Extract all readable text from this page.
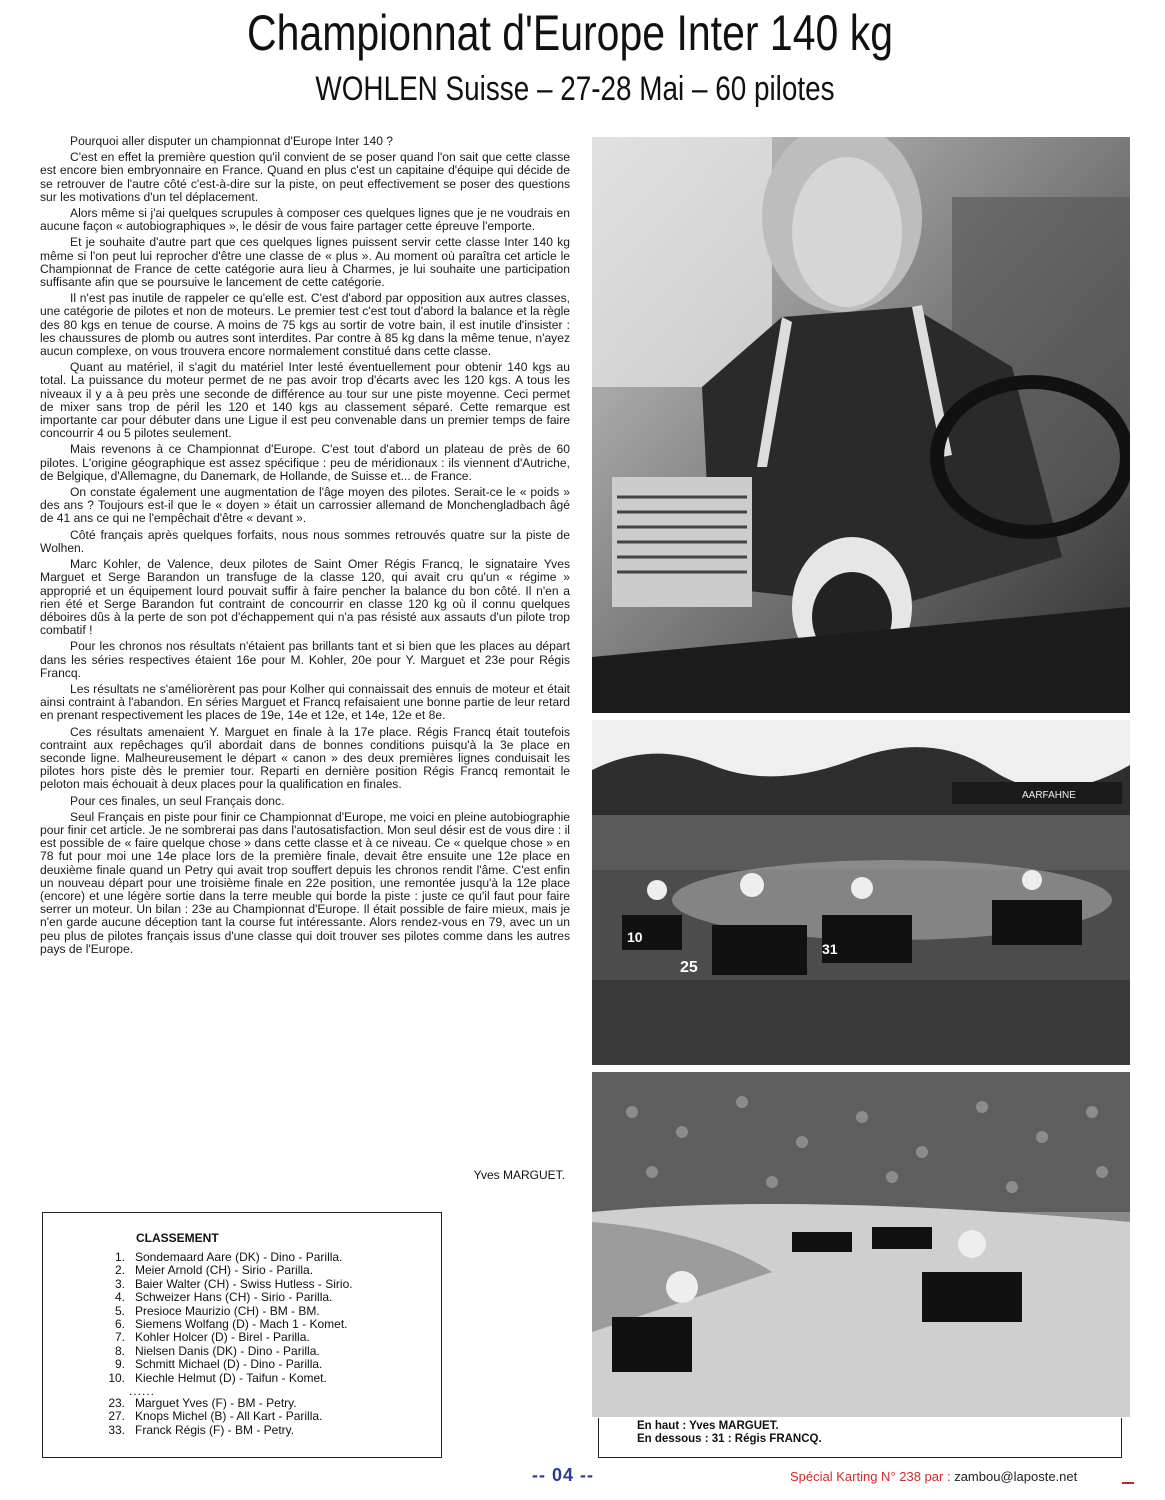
Championnat d'Europe Inter 140 kg
WOHLEN Suisse – 27-28 Mai – 60 pilotes

Pourquoi aller disputer un championnat d'Europe Inter 140 ?

C'est en effet la première question qu'il convient de se poser quand l'on sait que cette classe est encore bien embryonnaire en France. Quand en plus c'est un capitaine d'équipe qui décide de se retrouver de l'autre côté c'est-à-dire sur la piste, on peut effectivement se poser des questions sur les motivations d'un tel déplacement.

Alors même si j'ai quelques scrupules à composer ces quelques lignes que je ne voudrais en aucune façon « autobiographiques », le désir de vous faire partager cette épreuve l'emporte.

Et je souhaite d'autre part que ces quelques lignes puissent servir cette classe Inter 140 kg même si l'on peut lui reprocher d'être une classe de « plus ». Au moment où paraîtra cet article le Championnat de France de cette catégorie aura lieu à Charmes, je lui souhaite une participation suffisante afin que se poursuive le lancement de cette catégorie.

Il n'est pas inutile de rappeler ce qu'elle est. C'est d'abord par opposition aux autres classes, une catégorie de pilotes et non de moteurs. Le premier test c'est tout d'abord la balance et la règle des 80 kgs en tenue de course. A moins de 75 kgs au sortir de votre bain, il est inutile d'insister : les chaussures de plomb ou autres sont interdites. Par contre à 85 kg dans la même tenue, n'ayez aucun complexe, on vous trouvera encore normalement constitué dans cette classe.

Quant au matériel, il s'agit du matériel Inter lesté éventuellement pour obtenir 140 kgs au total. La puissance du moteur permet de ne pas avoir trop d'écarts avec les 120 kgs. A tous les niveaux il y a à peu près une seconde de différence au tour sur une piste moyenne. Ceci permet de mixer sans trop de péril les 120 et 140 kgs au classement séparé. Cette remarque est importante car pour débuter dans une Ligue il est peu convenable dans un premier temps de faire concourrir 4 ou 5 pilotes seulement.

Mais revenons à ce Championnat d'Europe. C'est tout d'abord un plateau de près de 60 pilotes. L'origine géographique est assez spécifique : peu de méridionaux : ils viennent d'Autriche, de Belgique, d'Allemagne, du Danemark, de Hollande, de Suisse et... de France.

On constate également une augmentation de l'âge moyen des pilotes. Serait-ce le « poids » des ans ? Toujours est-il que le « doyen » était un carrossier allemand de Monchengladbach âgé de 41 ans ce qui ne l'empêchait d'être « devant ».

Côté français après quelques forfaits, nous nous sommes retrouvés quatre sur la piste de Wolhen.

Marc Kohler, de Valence, deux pilotes de Saint Omer Régis Francq, le signataire Yves Marguet et Serge Barandon un transfuge de la classe 120, qui avait cru qu'un « régime » approprié et un équipement lourd pouvait suffir à faire pencher la balance du bon côté. Il n'en a rien été et Serge Barandon fut contraint de concourrir en classe 120 kg où il connu quelques déboires dûs à la perte de son pot d'échappement qui n'a pas résisté aux assauts d'un pilote trop combatif !

Pour les chronos nos résultats n'étaient pas brillants tant et si bien que les places au départ dans les séries respectives étaient 16e pour M. Kohler, 20e pour Y. Marguet et 23e pour Régis Francq.

Les résultats ne s'améliorèrent pas pour Kolher qui connaissait des ennuis de moteur et était ainsi contraint à l'abandon. En séries Marguet et Francq refaisaient une bonne partie de leur retard en prenant respectivement les places de 19e, 14e et 12e, et 14e, 12e et 8e.

Ces résultats amenaient Y. Marguet en finale à la 17e place. Régis Francq était toutefois contraint aux repêchages qu'il abordait dans de bonnes conditions puisqu'à la 3e place en seconde ligne. Malheureusement le départ « canon » des deux premières lignes conduisait les pilotes hors piste dès le premier tour. Reparti en dernière position Régis Francq remontait le peloton mais échouait à deux places pour la qualification en finales.

Pour ces finales, un seul Français donc.

Seul Français en piste pour finir ce Championnat d'Europe, me voici en pleine autobiographie pour finir cet article. Je ne sombrerai pas dans l'autosatisfaction. Mon seul désir est de vous dire : il est possible de « faire quelque chose » dans cette classe et à ce niveau. Ce « quelque chose » en 78 fut pour moi une 14e place lors de la première finale, devait être ensuite une 12e place en deuxième finale quand un Petry qui avait trop souffert depuis les chronos rendit l'âme. C'est enfin un nouveau départ pour une troisième finale en 22e position, une remontée jusqu'à la 12e place (encore) et une légère sortie dans la terre meuble qui borde la piste : juste ce qu'il faut pour faire serrer un moteur. Un bilan : 23e au Championnat d'Europe. Il était possible de faire mieux, mais je n'en garde aucune déception tant la course fut intéressante. Alors rendez-vous en 79, avec un un peu plus de pilotes français issus d'une classe qui doit trouver ses pilotes comme dans les autres pays de l'Europe.

Yves MARGUET.
AARFAHNE
10
25
31
39
31
En haut : Yves MARGUET.
En dessous : 31 : Régis FRANCQ.
CLASSEMENT
1. Sondemaard Aare (DK) - Dino - Parilla.
2. Meier Arnold (CH) - Sirio - Parilla.
3. Baier Walter (CH) - Swiss Hutless - Sirio.
4. Schweizer Hans (CH) - Sirio - Parilla.
5. Presioce Maurizio (CH) - BM - BM.
6. Siemens Wolfang (D) - Mach 1 - Komet.
7. Kohler Holcer (D) - Birel - Parilla.
8. Nielsen Danis (DK) - Dino - Parilla.
9. Schmitt Michael (D) - Dino - Parilla.
10. Kiechle Helmut (D) - Taifun - Komet.
......
23. Marguet Yves (F) - BM - Petry.
27. Knops Michel (B) - All Kart - Parilla.
33. Franck Régis (F) - BM - Petry.
-- 04 --	Spécial Karting N° 238 par : zambou@laposte.net
